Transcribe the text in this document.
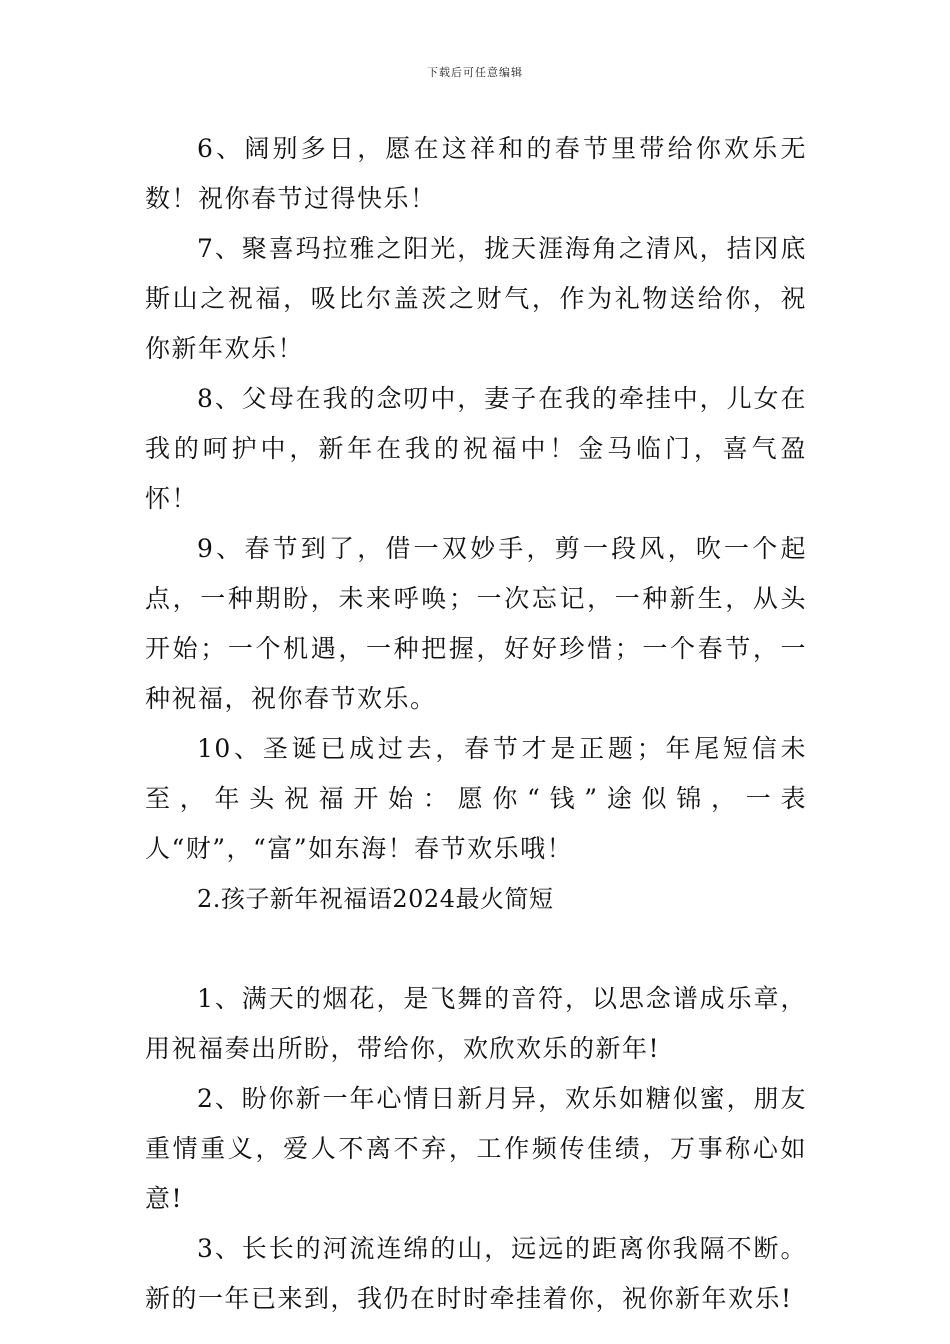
下载后可任意编辑

6、阔别多日，愿在这祥和的春节里带给你欢乐无数！祝你春节过得快乐！

7、聚喜玛拉雅之阳光，拢天涯海角之清风，拮冈底斯山之祝福，吸比尔盖茨之财气，作为礼物送给你，祝你新年欢乐！

8、父母在我的念叨中，妻子在我的牵挂中，儿女在我的呵护中，新年在我的祝福中！金马临门，喜气盈怀！

9、春节到了，借一双妙手，剪一段风，吹一个起点，一种期盼，未来呼唤；一次忘记，一种新生，从头开始；一个机遇，一种把握，好好珍惜；一个春节，一种祝福，祝你春节欢乐。

10、圣诞已成过去，春节才是正题；年尾短信未至，年头祝福开始：愿你“钱”途似锦，一表人“财”，“富”如东海！春节欢乐哦！

2.孩子新年祝福语2024最火简短

1、满天的烟花，是飞舞的音符，以思念谱成乐章，用祝福奏出所盼，带给你，欢欣欢乐的新年!

2、盼你新一年心情日新月异，欢乐如糖似蜜，朋友重情重义，爱人不离不弃，工作频传佳绩，万事称心如意!

3、长长的河流连绵的山，远远的距离你我隔不断。新的一年已来到，我仍在时时牵挂着你，祝你新年欢乐!
